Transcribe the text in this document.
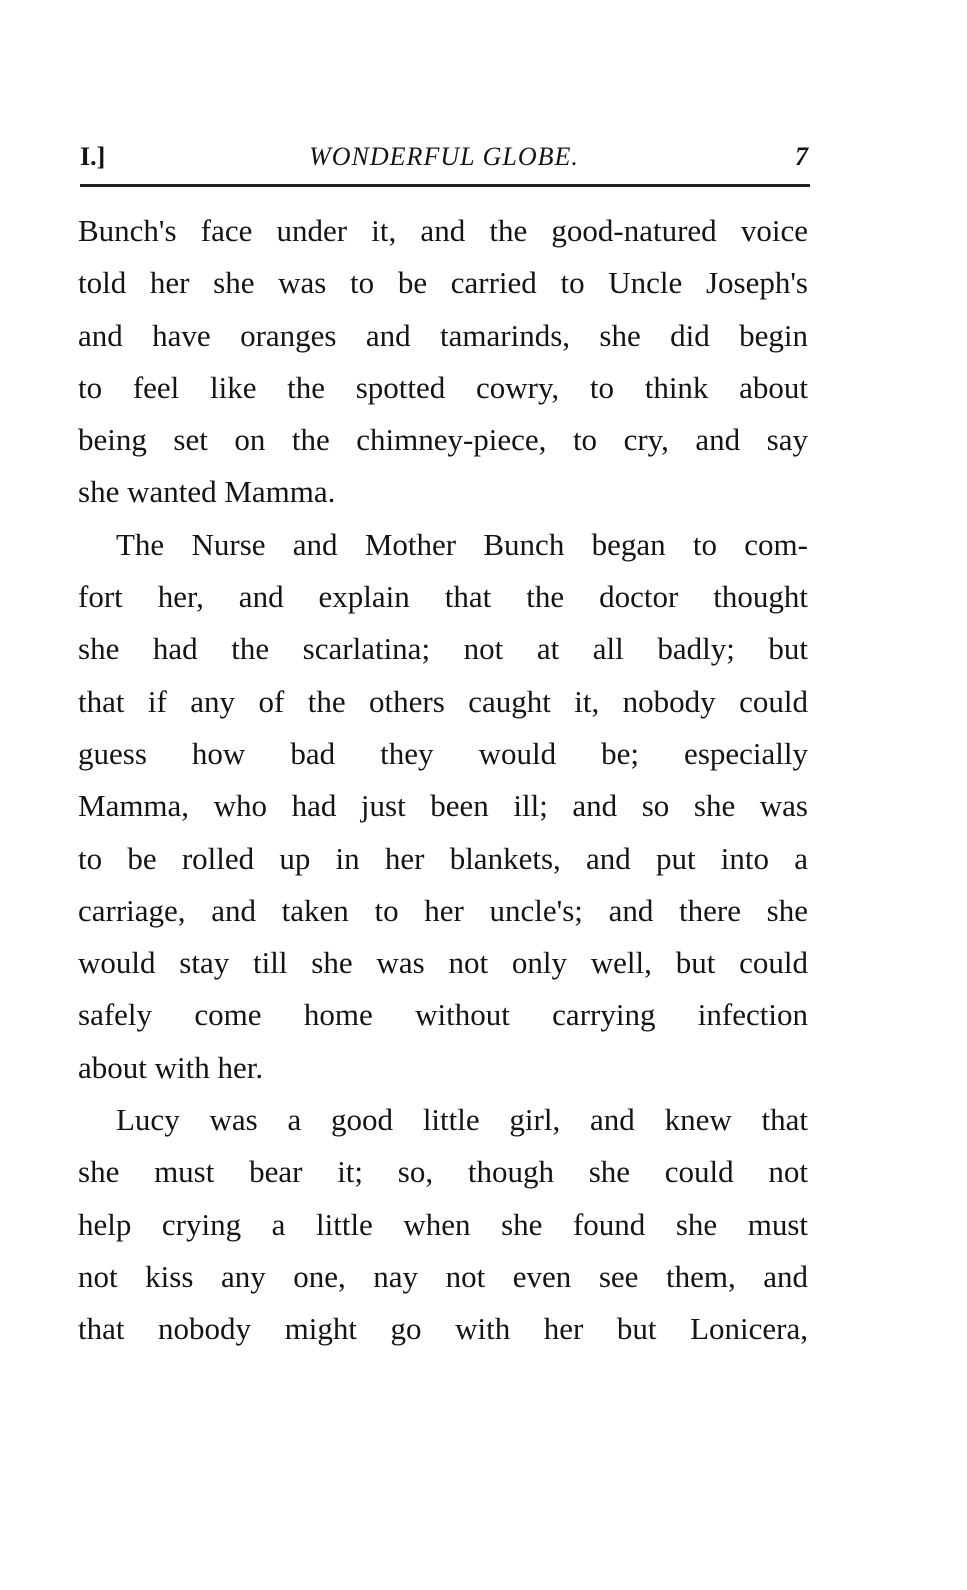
I.]	WONDERFUL GLOBE.	7
Bunch's face under it, and the good-natured voice
told her she was to be carried to Uncle Joseph's
and have oranges and tamarinds, she did begin
to feel like the spotted cowry, to think about
being set on the chimney-piece, to cry, and say
she wanted Mamma.
The Nurse and Mother Bunch began to com-
fort her, and explain that the doctor thought
she had the scarlatina; not at all badly; but
that if any of the others caught it, nobody could
guess how bad they would be; especially
Mamma, who had just been ill; and so she was
to be rolled up in her blankets, and put into a
carriage, and taken to her uncle's; and there she
would stay till she was not only well, but could
safely come home without carrying infection
about with her.
Lucy was a good little girl, and knew that
she must bear it; so, though she could not
help crying a little when she found she must
not kiss any one, nay not even see them, and
that nobody might go with her but Lonicera,
